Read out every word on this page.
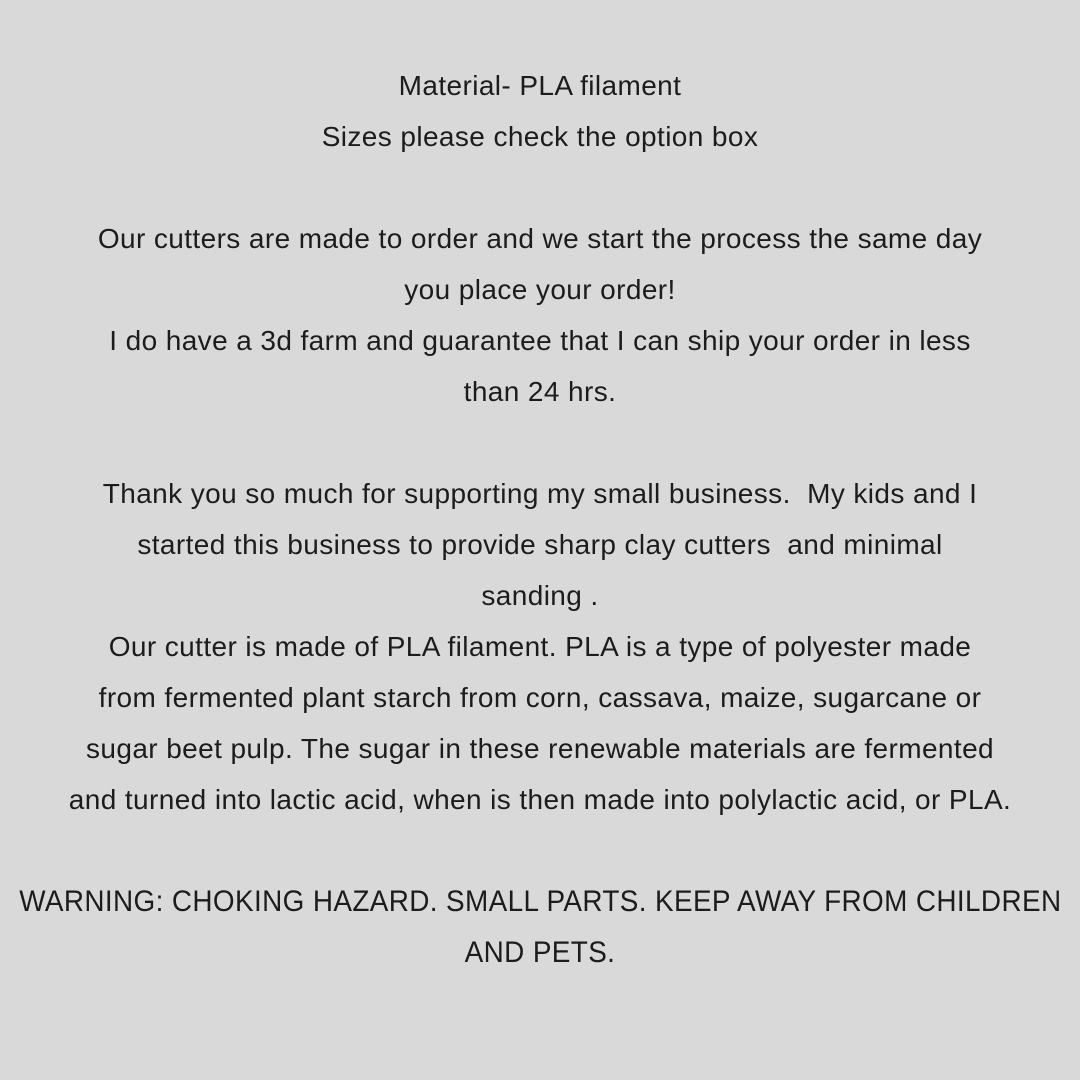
Material- PLA filament
Sizes please check the option box
Our cutters are made to order and we start the process the same day
you place your order!
I do have a 3d farm and guarantee that I can ship your order in less
than 24 hrs.
Thank you so much for supporting my small business.  My kids and I
started this business to provide sharp clay cutters  and minimal
sanding .
Our cutter is made of PLA filament. PLA is a type of polyester made
from fermented plant starch from corn, cassava, maize, sugarcane or
sugar beet pulp. The sugar in these renewable materials are fermented
and turned into lactic acid, when is then made into polylactic acid, or PLA.
WARNING: CHOKING HAZARD. SMALL PARTS. KEEP AWAY FROM CHILDREN
AND PETS.
